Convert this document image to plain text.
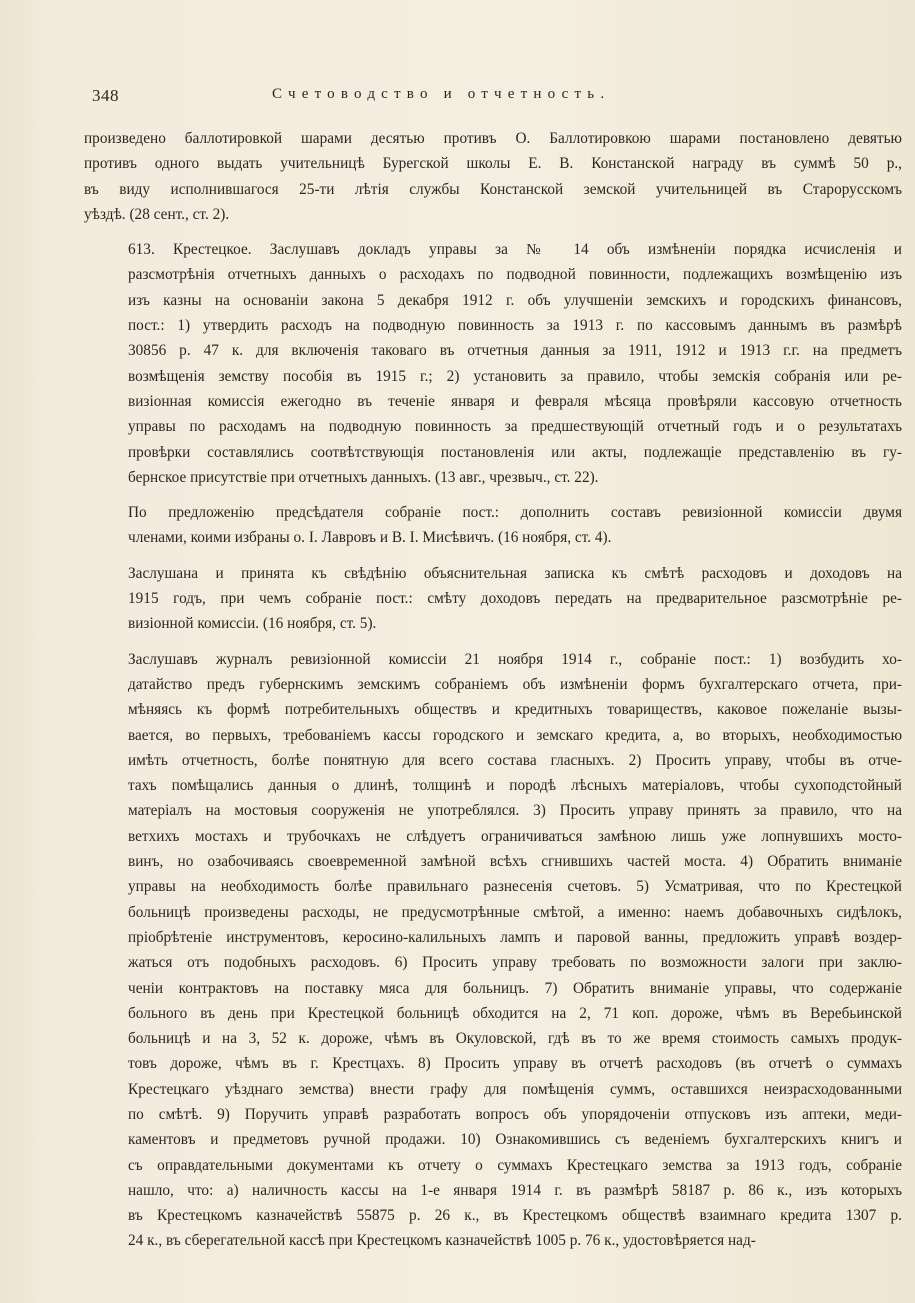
348	Счетоводство и отчетность.
произведено баллотировкой шарами десятью противъ О. Баллотировкою шарами постановлено девятью
противъ одного выдать учительницѣ Бурегской школы Е. В. Констанской награду въ суммѣ 50 р.,
въ виду исполнившагося 25-ти лѣтія службы Констанской земской учительницей въ Старорусскомъ
уѣздѣ. (28 сент., ст. 2).
613. Крестецкое. Заслушавъ докладъ управы за № 14 объ измѣненіи порядка исчисленія и
разсмотрѣнія отчетныхъ данныхъ о расходахъ по подводной повинности, подлежащихъ возмѣщенію изъ
изъ казны на основаніи закона 5 декабря 1912 г. объ улучшеніи земскихъ и городскихъ финансовъ,
пост.: 1) утвердить расходъ на подводную повинность за 1913 г. по кассовымъ даннымъ въ размѣрѣ
30856 р. 47 к. для включенія таковаго въ отчетныя данныя за 1911, 1912 и 1913 г.г. на предметъ
возмѣщенія земству пособія въ 1915 г.; 2) установить за правило, чтобы земскія собранія или ре-
визіонная комиссія ежегодно въ теченіе января и февраля мѣсяца провѣряли кассовую отчетность
управы по расходамъ на подводную повинность за предшествующій отчетный годъ и о результатахъ
провѣрки составлялись соотвѣтствующія постановленія или акты, подлежащіе представленію въ гу-
бернское присутствіе при отчетныхъ данныхъ. (13 авг., чрезвыч., ст. 22).
По предложенію предсѣдателя собраніе пост.: дополнить составъ ревизіонной комиссіи двумя
членами, коими избраны о. І. Лавровъ и В. І. Мисѣвичъ. (16 ноября, ст. 4).
Заслушана и принята къ свѣдѣнію объяснительная записка къ смѣтѣ расходовъ и доходовъ на
1915 годъ, при чемъ собраніе пост.: смѣту доходовъ передать на предварительное разсмотрѣніе ре-
визіонной комиссіи. (16 ноября, ст. 5).
Заслушавъ журналъ ревизіонной комиссіи 21 ноября 1914 г., собраніе пост.: 1) возбудить хо-
датайство предъ губернскимъ земскимъ собраніемъ объ измѣненіи формъ бухгалтерскаго отчета, при-
мѣняясь къ формѣ потребительныхъ обществъ и кредитныхъ товариществъ, каковое пожеланіе вызы-
вается, во первыхъ, требованіемъ кассы городского и земскаго кредита, а, во вторыхъ, необходимостью
имѣть отчетность, болѣе понятную для всего состава гласныхъ. 2) Просить управу, чтобы въ отче-
тахъ помѣщались данныя о длинѣ, толщинѣ и породѣ лѣсныхъ матеріаловъ, чтобы сухоподстойный
матеріалъ на мостовыя сооруженія не употреблялся. 3) Просить управу принять за правило, что на
ветхихъ мостахъ и трубочкахъ не слѣдуетъ ограничиваться замѣною лишь уже лопнувшихъ мосто-
винъ, но озабочиваясь своевременной замѣной всѣхъ сгнившихъ частей моста. 4) Обратить вниманіе
управы на необходимость болѣе правильнаго разнесенія счетовъ. 5) Усматривая, что по Крестецкой
больницѣ произведены расходы, не предусмотрѣнные смѣтой, а именно: наемъ добавочныхъ сидѣлокъ,
пріобрѣтеніе инструментовъ, керосино-калильныхъ лампъ и паровой ванны, предложить управѣ воздер-
жаться отъ подобныхъ расходовъ. 6) Просить управу требовать по возможности залоги при заклю-
ченіи контрактовъ на поставку мяса для больницъ. 7) Обратить вниманіе управы, что содержаніе
больного въ день при Крестецкой больницѣ обходится на 2, 71 коп. дороже, чѣмъ въ Веребьинской
больницѣ и на 3, 52 к. дороже, чѣмъ въ Окуловской, гдѣ въ то же время стоимость самыхъ продук-
товъ дороже, чѣмъ въ г. Крестцахъ. 8) Просить управу въ отчетѣ расходовъ (въ отчетѣ о суммахъ
Крестецкаго уѣзднаго земства) внести графу для помѣщенія суммъ, оставшихся неизрасходованными
по смѣтѣ. 9) Поручить управѣ разработать вопросъ объ упорядоченіи отпусковъ изъ аптеки, меди-
каментовъ и предметовъ ручной продажи. 10) Ознакомившись съ веденіемъ бухгалтерскихъ книгъ и
съ оправдательными документами къ отчету о суммахъ Крестецкаго земства за 1913 годъ, собраніе
нашло, что: а) наличность кассы на 1-е января 1914 г. въ размѣрѣ 58187 р. 86 к., изъ которыхъ
въ Крестецкомъ казначействѣ 55875 р. 26 к., въ Крестецкомъ обществѣ взаимнаго кредита 1307 р.
24 к., въ сберегательной кассѣ при Крестецкомъ казначействѣ 1005 р. 76 к., удостовѣряется над-
